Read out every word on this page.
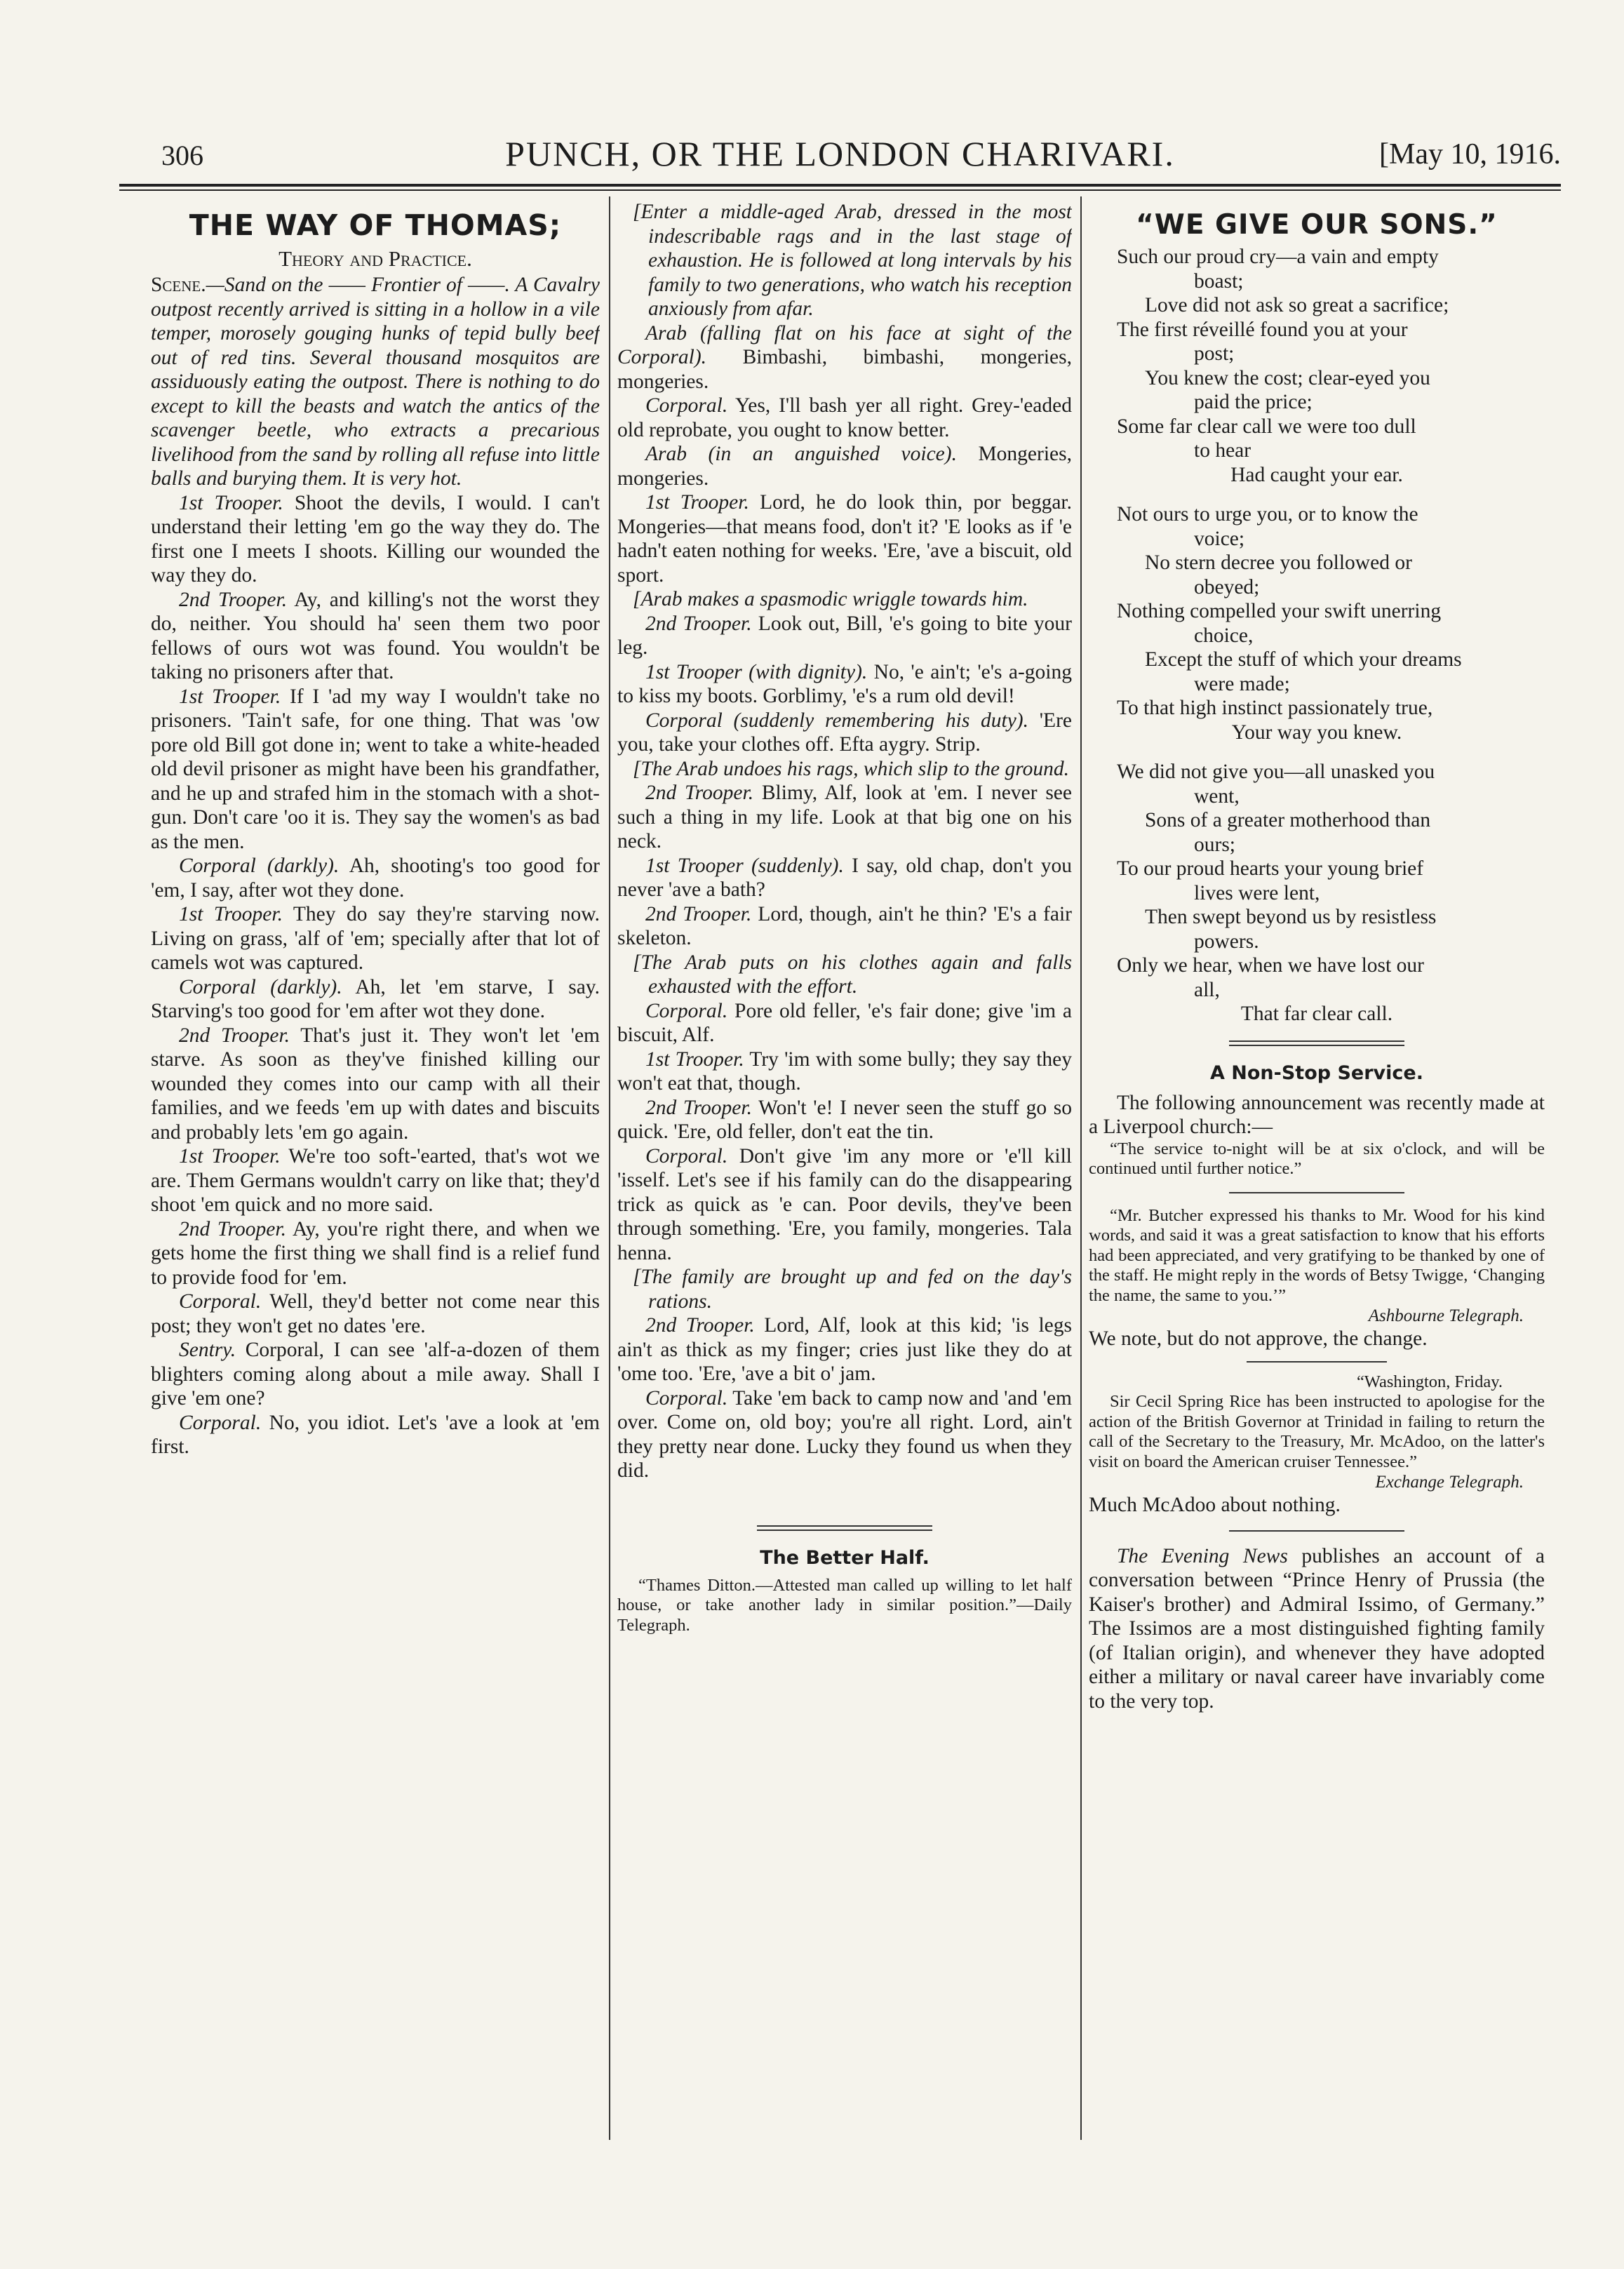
306	PUNCH, OR THE LONDON CHARIVARI.	[May 10, 1916.
THE WAY OF THOMAS;
Theory and Practice.

Scene.—Sand on the —— Frontier of ——. A Cavalry outpost recently arrived is sitting in a hollow in a vile temper, morosely gouging hunks of tepid bully beef out of red tins. Several thousand mosquitos are assiduously eating the outpost. There is nothing to do except to kill the beasts and watch the antics of the scavenger beetle, who extracts a precarious livelihood from the sand by rolling all refuse into little balls and burying them. It is very hot.

1st Trooper. Shoot the devils, I would. I can't understand their letting 'em go the way they do. The first one I meets I shoots. Killing our wounded the way they do.

2nd Trooper. Ay, and killing's not the worst they do, neither. You should ha' seen them two poor fellows of ours wot was found. You wouldn't be taking no prisoners after that.

1st Trooper. If I 'ad my way I wouldn't take no prisoners. 'Tain't safe, for one thing. That was 'ow pore old Bill got done in; went to take a white-headed old devil prisoner as might have been his grandfather, and he up and strafed him in the stomach with a shot-gun. Don't care 'oo it is. They say the women's as bad as the men.

Corporal (darkly). Ah, shooting's too good for 'em, I say, after wot they done.

1st Trooper. They do say they're starving now. Living on grass, 'alf of 'em; specially after that lot of camels wot was captured.

Corporal (darkly). Ah, let 'em starve, I say. Starving's too good for 'em after wot they done.

2nd Trooper. That's just it. They won't let 'em starve. As soon as they've finished killing our wounded they comes into our camp with all their families, and we feeds 'em up with dates and biscuits and probably lets 'em go again.

1st Trooper. We're too soft-'earted, that's wot we are. Them Germans wouldn't carry on like that; they'd shoot 'em quick and no more said.

2nd Trooper. Ay, you're right there, and when we gets home the first thing we shall find is a relief fund to provide food for 'em.

Corporal. Well, they'd better not come near this post; they won't get no dates 'ere.

Sentry. Corporal, I can see 'alf-a-dozen of them blighters coming along about a mile away. Shall I give 'em one?

Corporal. No, you idiot. Let's 'ave a look at 'em first.

[Enter a middle-aged Arab, dressed in the most indescribable rags and in the last stage of exhaustion. He is followed at long intervals by his family to two generations, who watch his reception anxiously from afar.

Arab (falling flat on his face at sight of the Corporal). Bimbashi, bimbashi, mongeries, mongeries.

Corporal. Yes, I'll bash yer all right. Grey-'eaded old reprobate, you ought to know better.

Arab (in an anguished voice). Mongeries, mongeries.

1st Trooper. Lord, he do look thin, por beggar. Mongeries—that means food, don't it? 'E looks as if 'e hadn't eaten nothing for weeks. 'Ere, 'ave a biscuit, old sport.

[Arab makes a spasmodic wriggle towards him.

2nd Trooper. Look out, Bill, 'e's going to bite your leg.

1st Trooper (with dignity). No, 'e ain't; 'e's a-going to kiss my boots. Gorblimy, 'e's a rum old devil!

Corporal (suddenly remembering his duty). 'Ere you, take your clothes off. Efta aygry. Strip.

[The Arab undoes his rags, which slip to the ground.

2nd Trooper. Blimy, Alf, look at 'em. I never see such a thing in my life. Look at that big one on his neck.

1st Trooper (suddenly). I say, old chap, don't you never 'ave a bath?

2nd Trooper. Lord, though, ain't he thin? 'E's a fair skeleton.

[The Arab puts on his clothes again and falls exhausted with the effort.

Corporal. Pore old feller, 'e's fair done; give 'im a biscuit, Alf.

1st Trooper. Try 'im with some bully; they say they won't eat that, though.

2nd Trooper. Won't 'e! I never seen the stuff go so quick. 'Ere, old feller, don't eat the tin.

Corporal. Don't give 'im any more or 'e'll kill 'isself. Let's see if his family can do the disappearing trick as quick as 'e can. Poor devils, they've been through something. 'Ere, you family, mongeries. Tala henna.

[The family are brought up and fed on the day's rations.

2nd Trooper. Lord, Alf, look at this kid; 'is legs ain't as thick as my finger; cries just like they do at 'ome too. 'Ere, 'ave a bit o' jam.

Corporal. Take 'em back to camp now and 'and 'em over. Come on, old boy; you're all right. Lord, ain't they pretty near done. Lucky they found us when they did.

The Better Half.

“Thames Ditton.—Attested man called up willing to let half house, or take another lady in similar position.”—Daily Telegraph.

“WE GIVE OUR SONS.”

Such our proud cry—a vain and empty

boast;

Love did not ask so great a sacrifice;

The first réveillé found you at your

post;

You knew the cost; clear-eyed you

paid the price;

Some far clear call we were too dull

to hear

Had caught your ear.

Not ours to urge you, or to know the

voice;

No stern decree you followed or

obeyed;

Nothing compelled your swift unerring

choice,

Except the stuff of which your dreams

were made;

To that high instinct passionately true,

Your way you knew.

We did not give you—all unasked you

went,

Sons of a greater motherhood than

ours;

To our proud hearts your young brief

lives were lent,

Then swept beyond us by resistless

powers.

Only we hear, when we have lost our

all,

That far clear call.

A Non-Stop Service.

The following announcement was recently made at a Liverpool church:—

“The service to-night will be at six o'clock, and will be continued until further notice.”

“Mr. Butcher expressed his thanks to Mr. Wood for his kind words, and said it was a great satisfaction to know that his efforts had been appreciated, and very gratifying to be thanked by one of the staff. He might reply in the words of Betsy Twigge, ‘Changing the name, the same to you.’”

Ashbourne Telegraph.

We note, but do not approve, the change.

“Washington, Friday.

Sir Cecil Spring Rice has been instructed to apologise for the action of the British Governor at Trinidad in failing to return the call of the Secretary to the Treasury, Mr. McAdoo, on the latter's visit on board the American cruiser Tennessee.”

Exchange Telegraph.

Much McAdoo about nothing.

The Evening News publishes an account of a conversation between “Prince Henry of Prussia (the Kaiser's brother) and Admiral Issimo, of Germany.” The Issimos are a most distinguished fighting family (of Italian origin), and whenever they have adopted either a military or naval career have invariably come to the very top.
